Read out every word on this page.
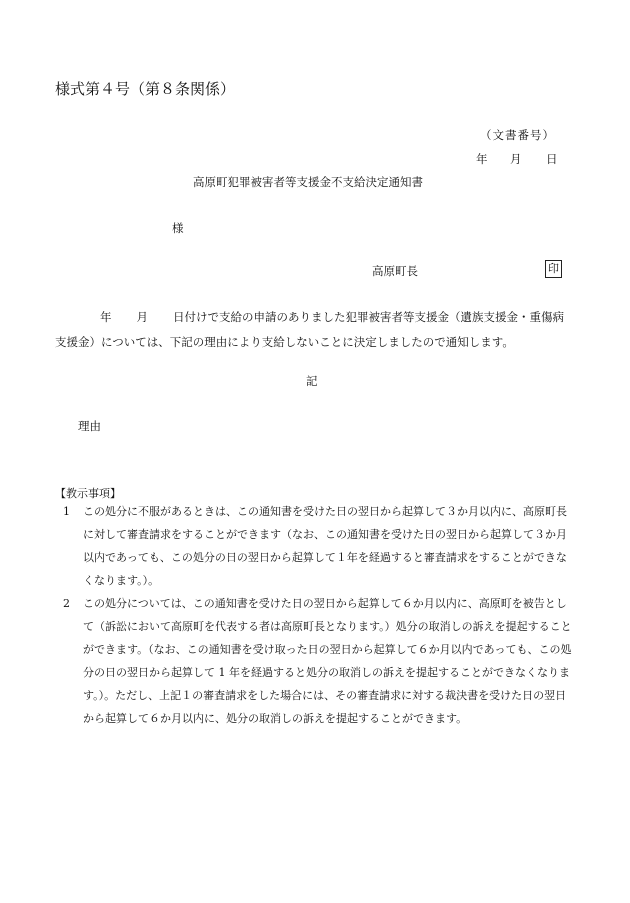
様式第４号（第８条関係）
（文書番号）
年 月 日
高原町犯罪被害者等支援金不支給決定通知書
様
高原町長	印
年 月 日付けで支給の申請のありました犯罪被害者等支援金（遺族支援金・重傷病
支援金）については、下記の理由により支給しないことに決定しましたので通知します。
記
理由
【教示事項】
1	この処分に不服があるときは、この通知書を受けた日の翌日から起算して３か月以内に、高原町長に対して審査請求をすることができます（なお、この通知書を受けた日の翌日から起算して３か月以内であっても、この処分の日の翌日から起算して１年を経過すると審査請求をすることができなくなります。）。
2	この処分については、この通知書を受けた日の翌日から起算して６か月以内に、高原町を被告として（訴訟において高原町を代表する者は高原町長となります。）処分の取消しの訴えを提起することができます。（なお、この通知書を受け取った日の翌日から起算して６か月以内であっても、この処分の日の翌日から起算して 1 年を経過すると処分の取消しの訴えを提起することができなくなります。）。ただし、上記１の審査請求をした場合には、その審査請求に対する裁決書を受けた日の翌日から起算して６か月以内に、処分の取消しの訴えを提起することができます。
